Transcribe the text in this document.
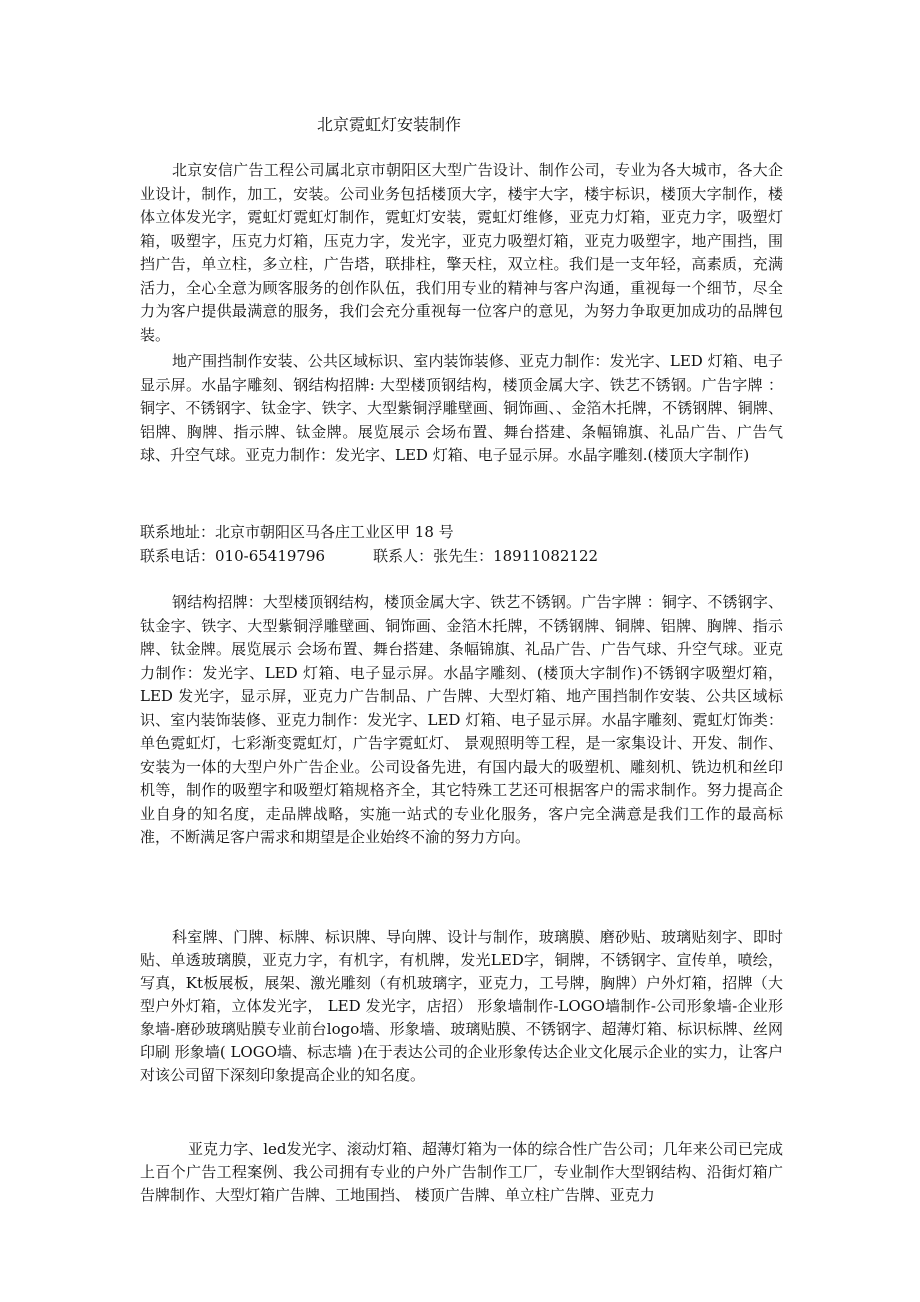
北京霓虹灯安装制作

北京安信广告工程公司属北京市朝阳区大型广告设计、制作公司，专业为各大城市，各大企业设计，制作，加工，安装。公司业务包括楼顶大字，楼宇大字，楼宇标识，楼顶大字制作，楼体立体发光字，霓虹灯霓虹灯制作，霓虹灯安装，霓虹灯维修，亚克力灯箱，亚克力字，吸塑灯箱，吸塑字，压克力灯箱，压克力字，发光字，亚克力吸塑灯箱，亚克力吸塑字，地产围挡，围挡广告，单立柱，多立柱，广告塔，联排柱，擎天柱，双立柱。我们是一支年轻，高素质，充满活力，全心全意为顾客服务的创作队伍，我们用专业的精神与客户沟通，重视每一个细节，尽全力为客户提供最满意的服务，我们会充分重视每一位客户的意见，为努力争取更加成功的品牌包装。

地产围挡制作安装、公共区域标识、室内装饰装修、亚克力制作：发光字、LED 灯箱、电子显示屏。水晶字雕刻、钢结构招牌: 大型楼顶钢结构，楼顶金属大字、铁艺不锈钢。广告字牌 ：铜字、不锈钢字、钛金字、铁字、大型紫铜浮雕壁画、铜饰画、、金箔木托牌，不锈钢牌、铜牌、铝牌、胸牌、指示牌、钛金牌。展览展示 会场布置、舞台搭建、条幅锦旗、礼品广告、广告气球、升空气球。亚克力制作：发光字、LED 灯箱、电子显示屏。水晶字雕刻.(楼顶大字制作)

联系地址：北京市朝阳区马各庄工业区甲 18 号
联系电话：010-65419796	联系人：张先生：18911082122

钢结构招牌：大型楼顶钢结构，楼顶金属大字、铁艺不锈钢。广告字牌 ：铜字、不锈钢字、钛金字、铁字、大型紫铜浮雕壁画、铜饰画、金箔木托牌，不锈钢牌、铜牌、铝牌、胸牌、指示牌、钛金牌。展览展示 会场布置、舞台搭建、条幅锦旗、礼品广告、广告气球、升空气球。亚克力制作：发光字、LED 灯箱、电子显示屏。水晶字雕刻、(楼顶大字制作)不锈钢字吸塑灯箱，LED 发光字，显示屏，亚克力广告制品、广告牌、大型灯箱、地产围挡制作安装、公共区域标识、室内装饰装修、亚克力制作：发光字、LED 灯箱、电子显示屏。水晶字雕刻、霓虹灯饰类：单色霓虹灯，七彩渐变霓虹灯，广告字霓虹灯、 景观照明等工程，是一家集设计、开发、制作、安装为一体的大型户外广告企业。公司设备先进，有国内最大的吸塑机、雕刻机、铣边机和丝印机等，制作的吸塑字和吸塑灯箱规格齐全，其它特殊工艺还可根据客户的需求制作。努力提高企业自身的知名度，走品牌战略，实施一站式的专业化服务，客户完全满意是我们工作的最高标准，不断满足客户需求和期望是企业始终不渝的努力方向。

科室牌、门牌、标牌、标识牌、导向牌、设计与制作，玻璃膜、磨砂贴、玻璃贴刻字、即时贴、单透玻璃膜，亚克力字，有机字，有机牌，发光LED字，铜牌，不锈钢字、宣传单，喷绘，写真，Kt板展板，展架、激光雕刻（有机玻璃字，亚克力，工号牌，胸牌）户外灯箱，招牌（大型户外灯箱，立体发光字， LED 发光字，店招） 形象墙制作-LOGO墙制作-公司形象墙-企业形象墙-磨砂玻璃贴膜专业前台logo墙、形象墙、玻璃贴膜、不锈钢字、超薄灯箱、标识标牌、丝网印刷 形象墙( LOGO墙、标志墙 )在于表达公司的企业形象传达企业文化展示企业的实力，让客户对该公司留下深刻印象提高企业的知名度。

亚克力字、led发光字、滚动灯箱、超薄灯箱为一体的综合性广告公司；几年来公司已完成上百个广告工程案例、我公司拥有专业的户外广告制作工厂，专业制作大型钢结构、沿街灯箱广告牌制作、大型灯箱广告牌、工地围挡、 楼顶广告牌、单立柱广告牌、亚克力
